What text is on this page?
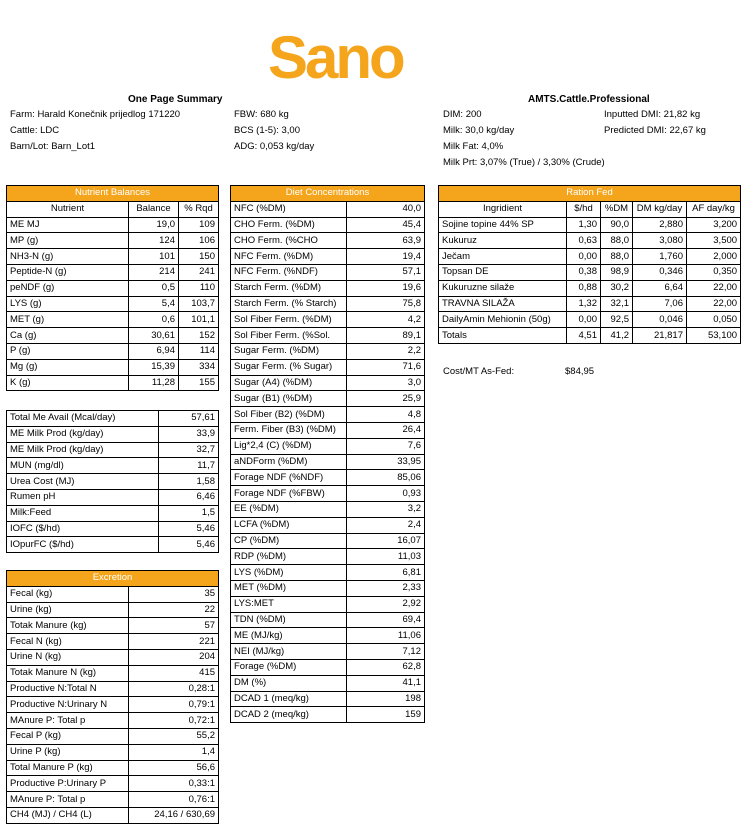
Sano
One Page Summary	AMTS.Cattle.Professional
Farm: Harald Konečnik prijedlog 171220
Cattle: LDC
Barn/Lot: Barn_Lot1
FBW: 680 kg
BCS (1-5): 3,00
ADG: 0,053 kg/day
DIM: 200
Milk: 30,0 kg/day
Milk Fat: 4,0%
Milk Prt: 3,07% (True) / 3,30% (Crude)
Inputted DMI: 21,82 kg
Predicted DMI: 22,67 kg
Nutrient Balances		
Nutrient	Balance	% Rqd
ME MJ	19,0	109
MP (g)	124	106
NH3-N (g)	101	150
Peptide-N (g)	214	241
peNDF (g)	0,5	110
LYS (g)	5,4	103,7
MET (g)	0,6	101,1
Ca (g)	30,61	152
P (g)	6,94	114
Mg (g)	15,39	334
K (g)	11,28	155
Total Me Avail (Mcal/day)	57,61
ME Milk Prod (kg/day)	33,9
ME Milk Prod (kg/day)	32,7
MUN (mg/dl)	11,7
Urea Cost (MJ)	1,58
Rumen pH	6,46
Milk:Feed	1,5
IOFC ($/hd)	5,46
IOpurFC ($/hd)	5,46
Excretion	
Fecal (kg)	35
Urine (kg)	22
Totak Manure (kg)	57
Fecal N (kg)	221
Urine N (kg)	204
Totak Manure N (kg)	415
Productive N:Total N	0,28:1
Productive N:Urinary N	0,79:1
MAnure P: Total p	0,72:1
Fecal P (kg)	55,2
Urine P (kg)	1,4
Total Manure P (kg)	56,6
Productive P:Urinary P	0,33:1
MAnure P: Total p	0,76:1
CH4 (MJ) / CH4 (L)	24,16 / 630,69
Diet Concentrations	
NFC (%DM)	40,0
CHO Ferm. (%DM)	45,4
CHO Ferm. (%CHO	63,9
NFC Ferm. (%DM)	19,4
NFC Ferm. (%NDF)	57,1
Starch Ferm. (%DM)	19,6
Starch Ferm. (% Starch)	75,8
Sol Fiber Ferm. (%DM)	4,2
Sol Fiber Ferm. (%Sol.	89,1
Sugar Ferm. (%DM)	2,2
Sugar Ferm. (% Sugar)	71,6
Sugar (A4) (%DM)	3,0
Sugar (B1) (%DM)	25,9
Sol Fiber (B2) (%DM)	4,8
Ferm. Fiber (B3) (%DM)	26,4
Lig*2,4 (C) (%DM)	7,6
aNDForm (%DM)	33,95
Forage NDF (%NDF)	85,06
Forage NDF (%FBW)	0,93
EE (%DM)	3,2
LCFA (%DM)	2,4
CP (%DM)	16,07
RDP (%DM)	11,03
LYS (%DM)	6,81
MET (%DM)	2,33
LYS:MET	2,92
TDN (%DM)	69,4
ME (MJ/kg)	11,06
NEI (MJ/kg)	7,12
Forage (%DM)	62,8
DM (%)	41,1
DCAD 1 (meq/kg)	198
DCAD 2 (meq/kg)	159
Ration Fed				
Ingridient	$/hd	%DM	DM kg/day	AF day/kg
Sojine topine 44% SP	1,30	90,0	2,880	3,200
Kukuruz	0,63	88,0	3,080	3,500
Ječam	0,00	88,0	1,760	2,000
Topsan DE	0,38	98,9	0,346	0,350
Kukuruzne silaže	0,88	30,2	6,64	22,00
TRAVNA SILAŽA	1,32	32,1	7,06	22,00
DailyAmin Mehionin (50g)	0,00	92,5	0,046	0,050
Totals	4,51	41,2	21,817	53,100
Cost/MT As-Fed:	$84,95
